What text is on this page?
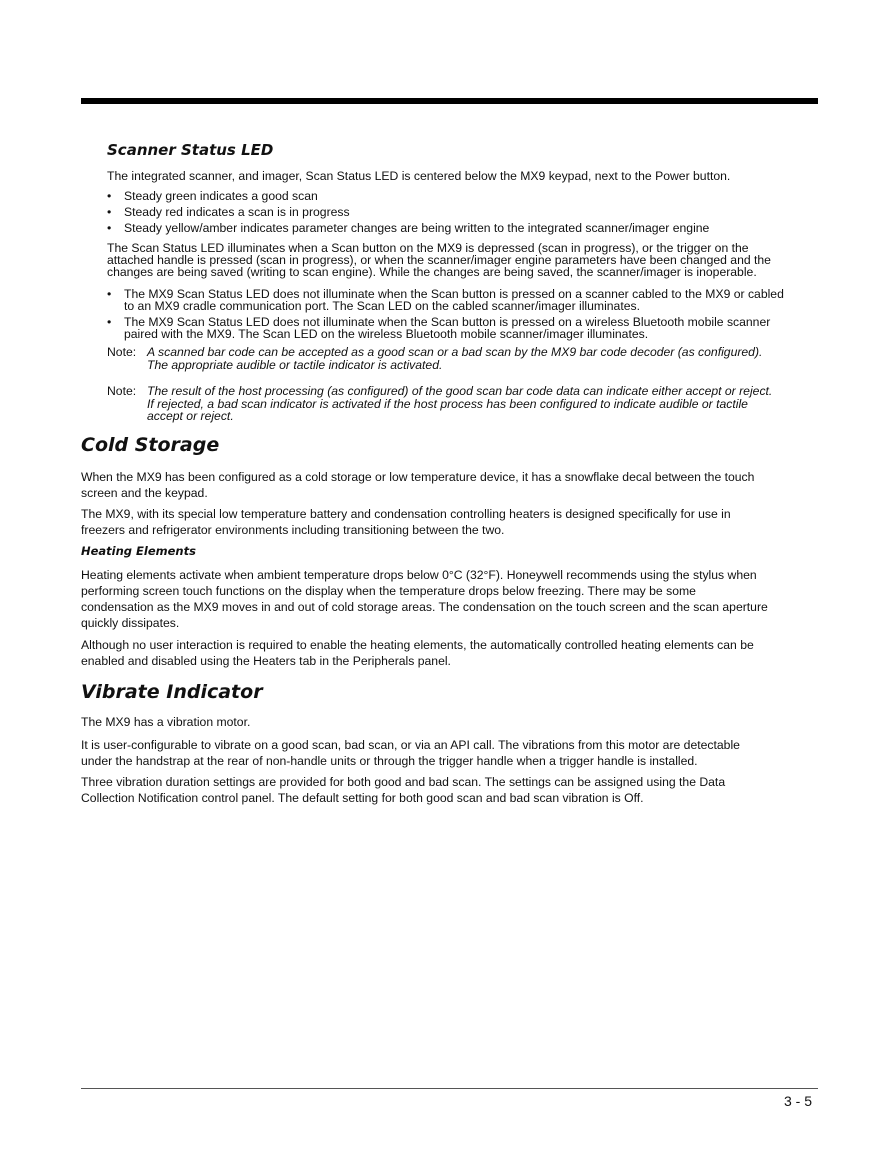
Scanner Status LED

The integrated scanner, and imager, Scan Status LED is centered below the MX9 keypad, next to the Power button.

• Steady green indicates a good scan
• Steady red indicates a scan is in progress
• Steady yellow/amber indicates parameter changes are being written to the integrated scanner/imager engine
The Scan Status LED illuminates when a Scan button on the MX9 is depressed (scan in progress), or the trigger on the
attached handle is pressed (scan in progress), or when the scanner/imager engine parameters have been changed and the
changes are being saved (writing to scan engine). While the changes are being saved, the scanner/imager is inoperable.
• The MX9 Scan Status LED does not illuminate when the Scan button is pressed on a scanner cabled to the MX9 or cabled
to an MX9 cradle communication port. The Scan LED on the cabled scanner/imager illuminates.
• The MX9 Scan Status LED does not illuminate when the Scan button is pressed on a wireless Bluetooth mobile scanner
paired with the MX9. The Scan LED on the wireless Bluetooth mobile scanner/imager illuminates.
Note: A scanned bar code can be accepted as a good scan or a bad scan by the MX9 bar code decoder (as configured).
The appropriate audible or tactile indicator is activated.
Note: The result of the host processing (as configured) of the good scan bar code data can indicate either accept or reject.
If rejected, a bad scan indicator is activated if the host process has been configured to indicate audible or tactile
accept or reject.
Cold Storage
When the MX9 has been configured as a cold storage or low temperature device, it has a snowflake decal between the touch
screen and the keypad.
The MX9, with its special low temperature battery and condensation controlling heaters is designed specifically for use in
freezers and refrigerator environments including transitioning between the two.
Heating Elements
Heating elements activate when ambient temperature drops below 0°C (32°F). Honeywell recommends using the stylus when
performing screen touch functions on the display when the temperature drops below freezing. There may be some
condensation as the MX9 moves in and out of cold storage areas. The condensation on the touch screen and the scan aperture
quickly dissipates.
Although no user interaction is required to enable the heating elements, the automatically controlled heating elements can be
enabled and disabled using the Heaters tab in the Peripherals panel.
Vibrate Indicator

The MX9 has a vibration motor.

It is user-configurable to vibrate on a good scan, bad scan, or via an API call. The vibrations from this motor are detectable
under the handstrap at the rear of non-handle units or through the trigger handle when a trigger handle is installed.
Three vibration duration settings are provided for both good and bad scan. The settings can be assigned using the Data
Collection Notification control panel. The default setting for both good scan and bad scan vibration is Off.
3 - 5
